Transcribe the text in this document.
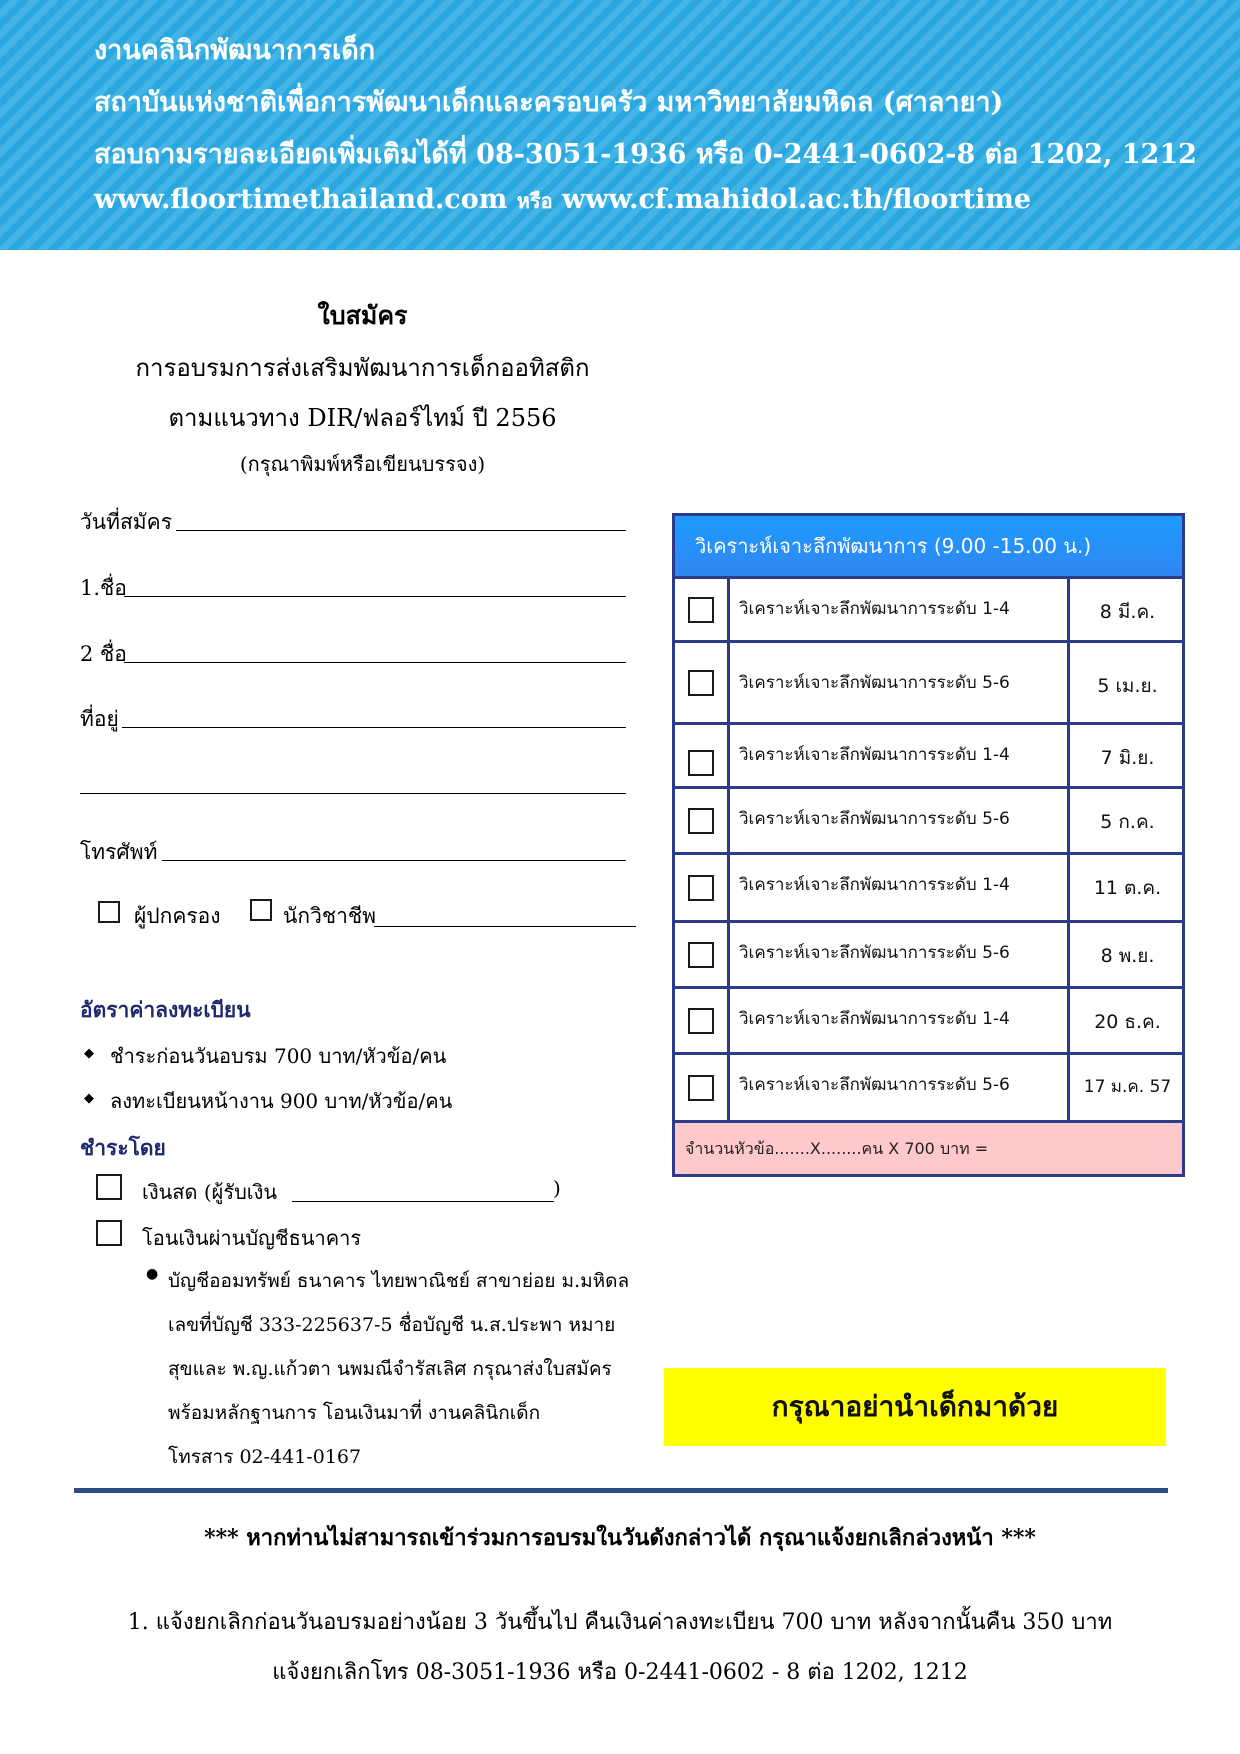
งานคลินิกพัฒนาการเด็ก
สถาบันแห่งชาติเพื่อการพัฒนาเด็กและครอบครัว มหาวิทยาลัยมหิดล (ศาลายา)
สอบถามรายละเอียดเพิ่มเติมได้ที่ 08-3051-1936 หรือ 0-2441-0602-8 ต่อ 1202, 1212
www.floortimethailand.com หรือ www.cf.mahidol.ac.th/floortime
ใบสมัคร
การอบรมการส่งเสริมพัฒนาการเด็กออทิสติก
ตามแนวทาง DIR/ฟลอร์ไทม์ ปี 2556
(กรุณาพิมพ์หรือเขียนบรรจง)
วันที่สมัคร
1.ชื่อ
2 ชื่อ
ที่อยู่
โทรศัพท์
ผู้ปกครอง	นักวิชาชีพ
อัตราค่าลงทะเบียน
◆ ชำระก่อนวันอบรม 700 บาท/หัวข้อ/คน
◆ ลงทะเบียนหน้างาน 900 บาท/หัวข้อ/คน
ชำระโดย
เงินสด (ผู้รับเงิน	)
โอนเงินผ่านบัญชีธนาคาร
● บัญชีออมทรัพย์ ธนาคาร ไทยพาณิชย์ สาขาย่อย ม.มหิดล
เลขที่บัญชี 333-225637-5 ชื่อบัญชี น.ส.ประพา หมาย
สุขและ พ.ญ.แก้วตา นพมณีจำรัสเลิศ กรุณาส่งใบสมัคร
พร้อมหลักฐานการ โอนเงินมาที่ งานคลินิกเด็ก
โทรสาร 02-441-0167
วิเคราะห์เจาะลึกพัฒนาการ (9.00 -15.00 น.)
วิเคราะห์เจาะลึกพัฒนาการระดับ 1-4	8 มี.ค.
วิเคราะห์เจาะลึกพัฒนาการระดับ 5-6	5 เม.ย.
วิเคราะห์เจาะลึกพัฒนาการระดับ 1-4	7 มิ.ย.
วิเคราะห์เจาะลึกพัฒนาการระดับ 5-6	5 ก.ค.
วิเคราะห์เจาะลึกพัฒนาการระดับ 1-4	11 ต.ค.
วิเคราะห์เจาะลึกพัฒนาการระดับ 5-6	8 พ.ย.
วิเคราะห์เจาะลึกพัฒนาการระดับ 1-4	20 ธ.ค.
วิเคราะห์เจาะลึกพัฒนาการระดับ 5-6	17 ม.ค. 57
จำนวนหัวข้อ.......X........คน X 700 บาท =
กรุณาอย่านำเด็กมาด้วย
*** หากท่านไม่สามารถเข้าร่วมการอบรมในวันดังกล่าวได้ กรุณาแจ้งยกเลิกล่วงหน้า ***
1. แจ้งยกเลิกก่อนวันอบรมอย่างน้อย 3 วันขึ้นไป คืนเงินค่าลงทะเบียน 700 บาท หลังจากนั้นคืน 350 บาท
แจ้งยกเลิกโทร 08-3051-1936 หรือ 0-2441-0602 - 8 ต่อ 1202, 1212
